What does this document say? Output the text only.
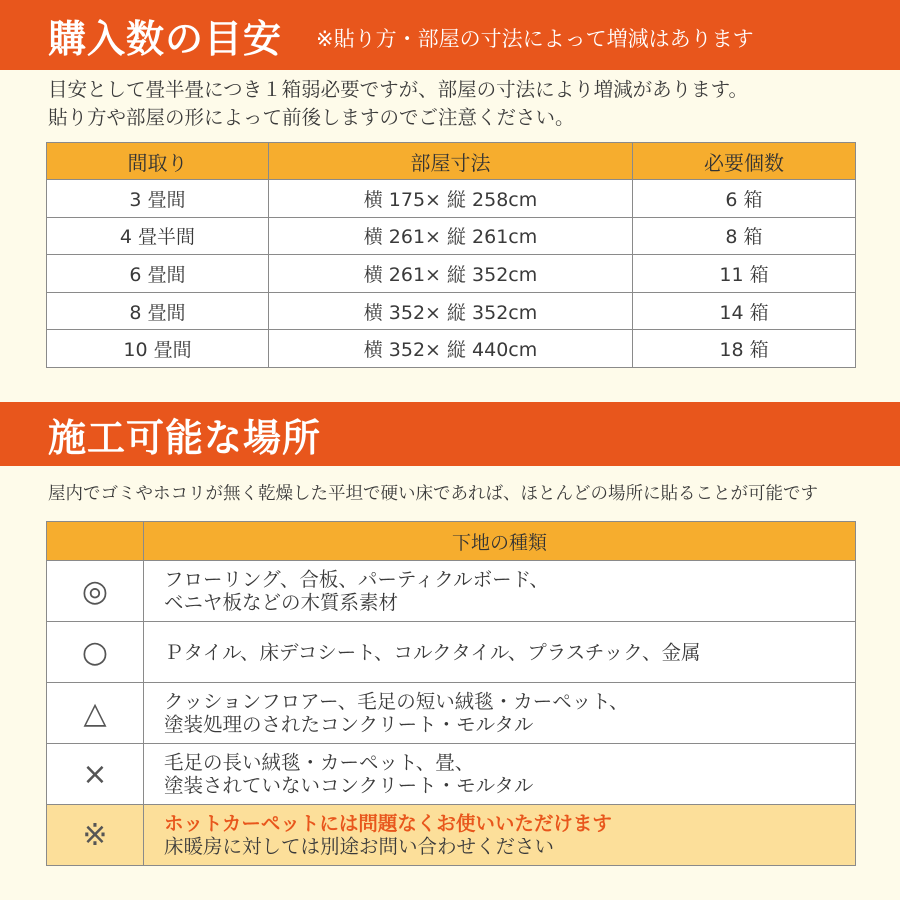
購入数の目安 ※貼り方・部屋の寸法によって増減はあります
目安として畳半畳につき１箱弱必要ですが、部屋の寸法により増減があります。
貼り方や部屋の形によって前後しますのでご注意ください。
間取り	部屋寸法	必要個数
3 畳間	横 175× 縦 258cm	6 箱
4 畳半間	横 261× 縦 261cm	8 箱
6 畳間	横 261× 縦 352cm	11 箱
8 畳間	横 352× 縦 352cm	14 箱
10 畳間	横 352× 縦 440cm	18 箱
施工可能な場所
屋内でゴミやホコリが無く乾燥した平坦で硬い床であれば、ほとんどの場所に貼ることが可能です
	下地の種類
◎	フローリング、合板、パーティクルボード、
ベニヤ板などの木質系素材

○	Ｐタイル、床デコシート、コルクタイル、プラスチック、金属

△	クッションフロアー、毛足の短い絨毯・カーペット、
塗装処理のされたコンクリート・モルタル

×	毛足の長い絨毯・カーペット、畳、
塗装されていないコンクリート・モルタル

※	ホットカーペットには問題なくお使いいただけます
床暖房に対しては別途お問い合わせください
